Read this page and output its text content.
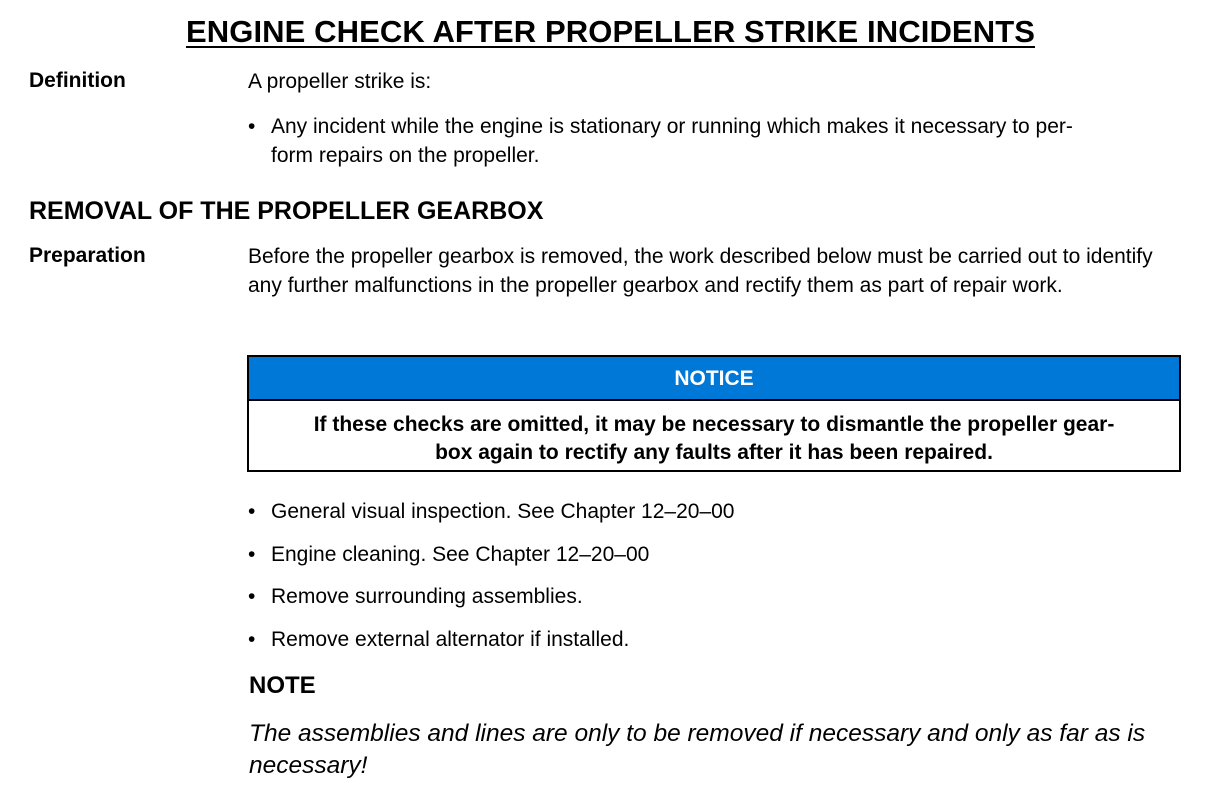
ENGINE CHECK AFTER PROPELLER STRIKE INCIDENTS
Definition	A propeller strike is:
• Any incident while the engine is stationary or running which makes it necessary to per-
form repairs on the propeller.
REMOVAL OF THE PROPELLER GEARBOX
Preparation	Before the propeller gearbox is removed, the work described below must be carried out to identify any further malfunctions in the propeller gearbox and rectify them as part of repair work.
NOTICE
If these checks are omitted, it may be necessary to dismantle the propeller gear-
box again to rectify any faults after it has been repaired.
• General visual inspection. See Chapter 12–20–00
• Engine cleaning. See Chapter 12–20–00
• Remove surrounding assemblies.
• Remove external alternator if installed.
NOTE
The assemblies and lines are only to be removed if necessary and only as far as is necessary!
